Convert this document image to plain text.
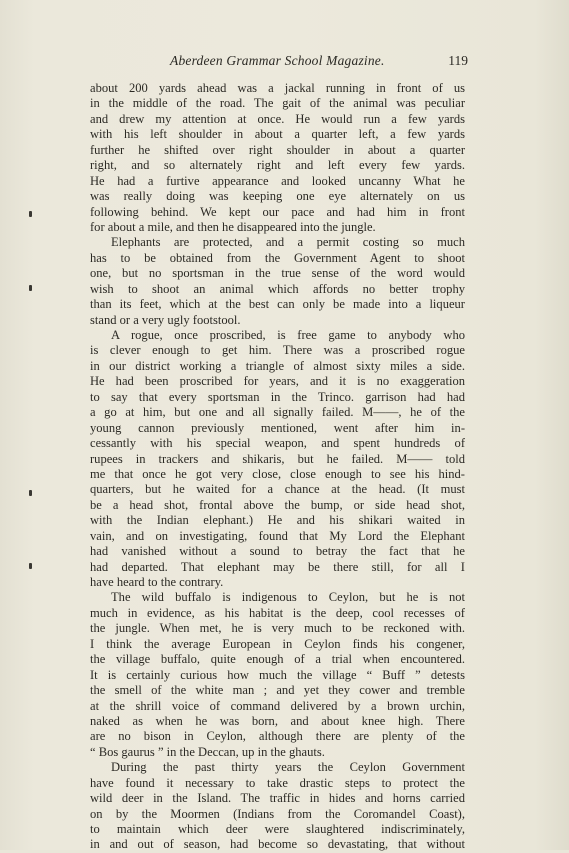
Aberdeen Grammar School Magazine.	119
about 200 yards ahead was a jackal running in front of us
in the middle of the road. The gait of the animal was peculiar
and drew my attention at once. He would run a few yards
with his left shoulder in about a quarter left, a few yards
further he shifted over right shoulder in about a quarter
right, and so alternately right and left every few yards.
He had a furtive appearance and looked uncanny What he
was really doing was keeping one eye alternately on us
following behind. We kept our pace and had him in front
for about a mile, and then he disappeared into the jungle.
Elephants are protected, and a permit costing so much
has to be obtained from the Government Agent to shoot
one, but no sportsman in the true sense of the word would
wish to shoot an animal which affords no better trophy
than its feet, which at the best can only be made into a liqueur
stand or a very ugly footstool.
A rogue, once proscribed, is free game to anybody who
is clever enough to get him. There was a proscribed rogue
in our district working a triangle of almost sixty miles a side.
He had been proscribed for years, and it is no exaggeration
to say that every sportsman in the Trinco. garrison had had
a go at him, but one and all signally failed. M——, he of the
young cannon previously mentioned, went after him in-
cessantly with his special weapon, and spent hundreds of
rupees in trackers and shikaris, but he failed. M—— told
me that once he got very close, close enough to see his hind-
quarters, but he waited for a chance at the head. (It must
be a head shot, frontal above the bump, or side head shot,
with the Indian elephant.) He and his shikari waited in
vain, and on investigating, found that My Lord the Elephant
had vanished without a sound to betray the fact that he
had departed. That elephant may be there still, for all I
have heard to the contrary.
The wild buffalo is indigenous to Ceylon, but he is not
much in evidence, as his habitat is the deep, cool recesses of
the jungle. When met, he is very much to be reckoned with.
I think the average European in Ceylon finds his congener,
the village buffalo, quite enough of a trial when encountered.
It is certainly curious how much the village “ Buff ” detests
the smell of the white man ; and yet they cower and tremble
at the shrill voice of command delivered by a brown urchin,
naked as when he was born, and about knee high. There
are no bison in Ceylon, although there are plenty of the
“ Bos gaurus ” in the Deccan, up in the ghauts.
During the past thirty years the Ceylon Government
have found it necessary to take drastic steps to protect the
wild deer in the Island. The traffic in hides and horns carried
on by the Moormen (Indians from the Coromandel Coast),
to maintain which deer were slaughtered indiscriminately,
in and out of season, had become so devastating, that without
